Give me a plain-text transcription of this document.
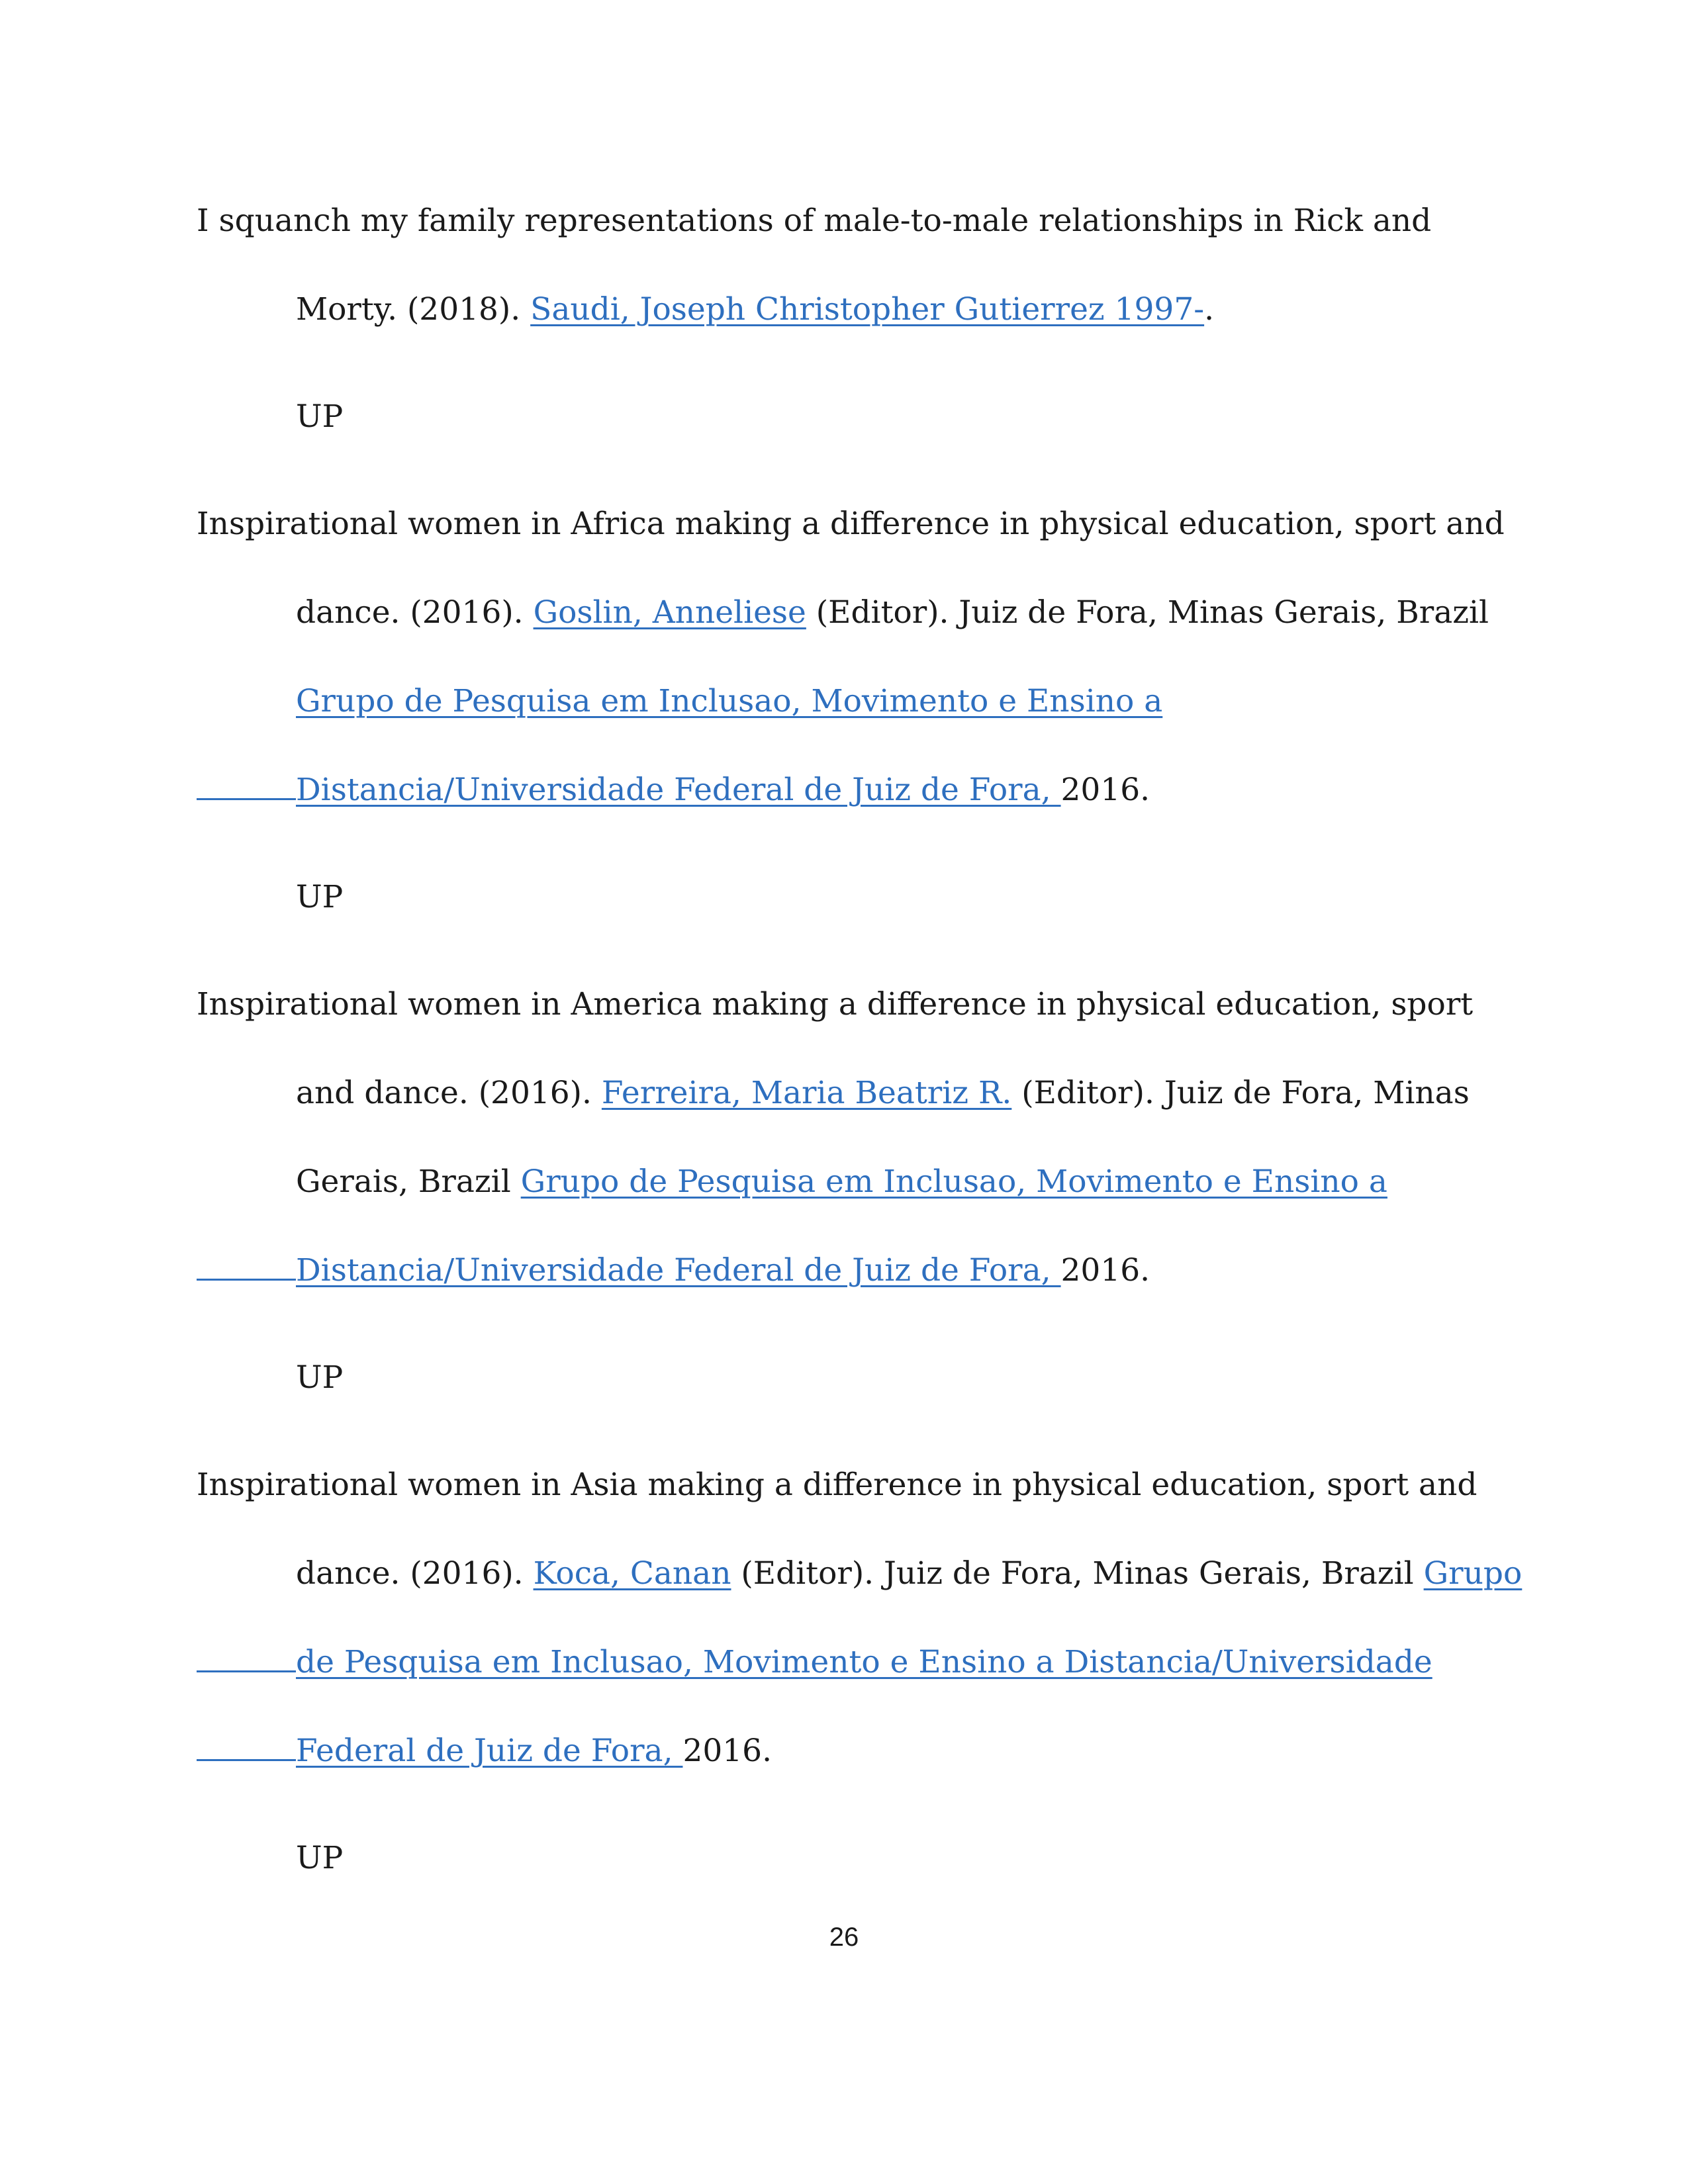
I squanch my family representations of male-to-male relationships in Rick and
Morty. (2018). Saudi, Joseph Christopher Gutierrez 1997-.
UP
Inspirational women in Africa making a difference in physical education, sport and
dance. (2016). Goslin, Anneliese (Editor). Juiz de Fora, Minas Gerais, Brazil
Grupo de Pesquisa em Inclusao, Movimento e Ensino a
Distancia/Universidade Federal de Juiz de Fora, 2016.
UP
Inspirational women in America making a difference in physical education, sport
and dance. (2016). Ferreira, Maria Beatriz R. (Editor). Juiz de Fora, Minas
Gerais, Brazil Grupo de Pesquisa em Inclusao, Movimento e Ensino a
Distancia/Universidade Federal de Juiz de Fora, 2016.
UP
Inspirational women in Asia making a difference in physical education, sport and
dance. (2016). Koca, Canan (Editor). Juiz de Fora, Minas Gerais, Brazil Grupo
de Pesquisa em Inclusao, Movimento e Ensino a Distancia/Universidade
Federal de Juiz de Fora, 2016.
UP
26
